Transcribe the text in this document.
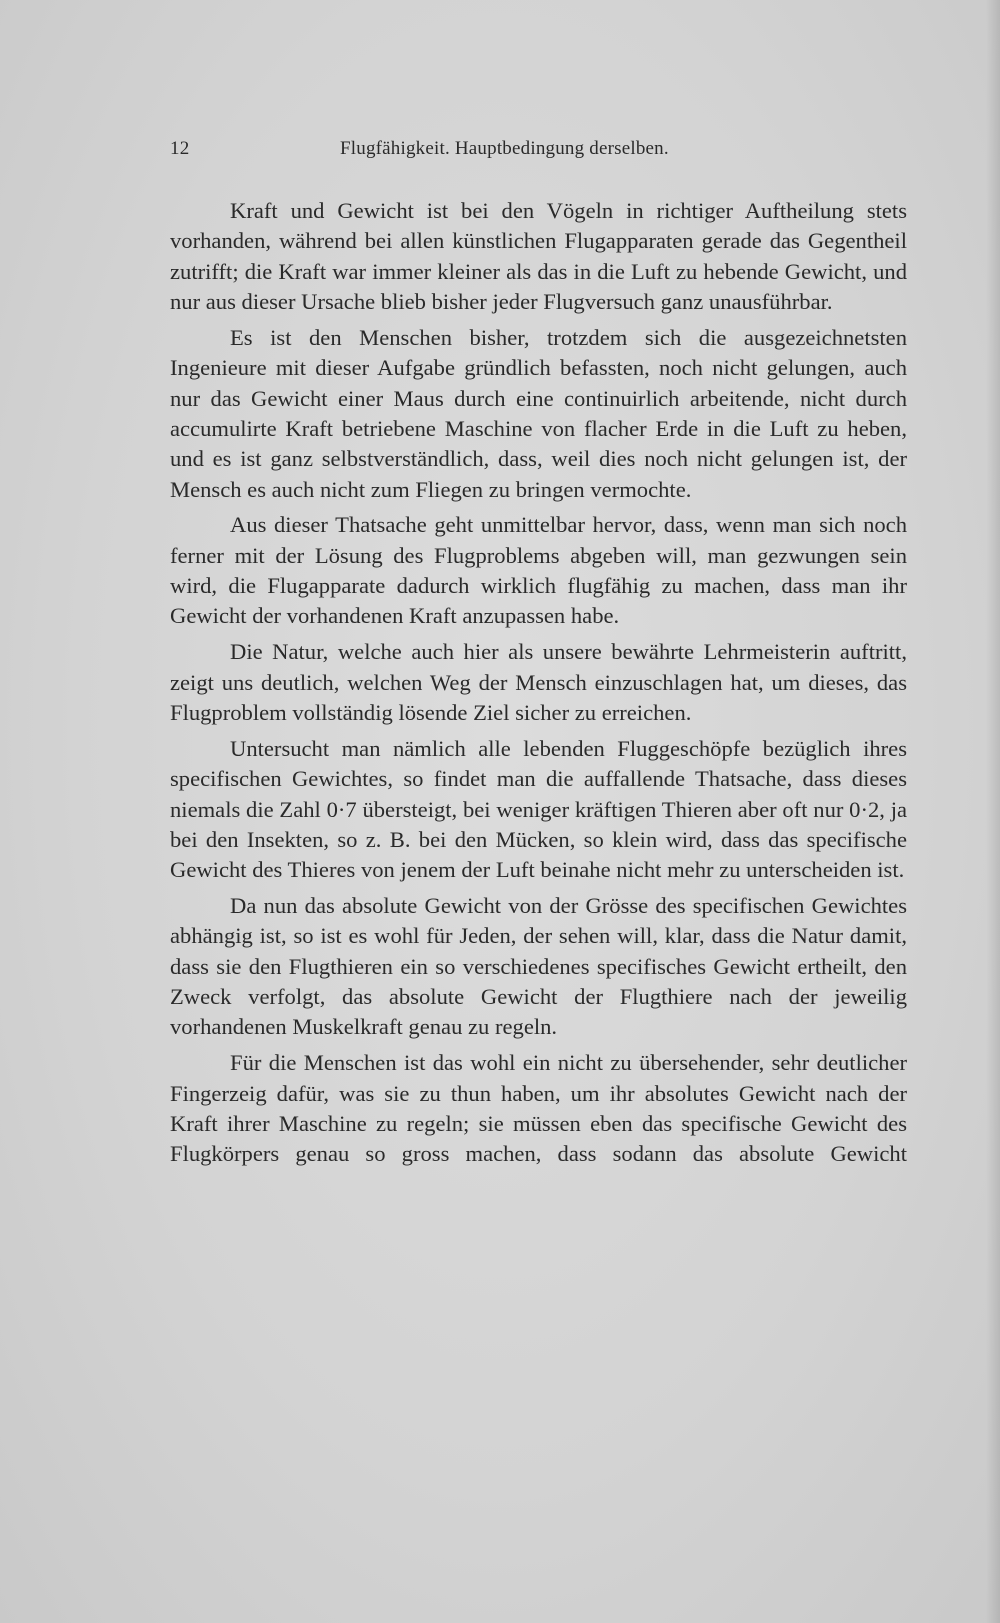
12	Flugfähigkeit. Hauptbedingung derselben.

Kraft und Gewicht ist bei den Vögeln in richtiger Auftheilung stets vorhanden, während bei allen künstlichen Flugapparaten gerade das Gegentheil zutrifft; die Kraft war immer kleiner als das in die Luft zu hebende Gewicht, und nur aus dieser Ursache blieb bisher jeder Flugversuch ganz unausführbar.

Es ist den Menschen bisher, trotzdem sich die ausgezeichnetsten Ingenieure mit dieser Aufgabe gründlich befassten, noch nicht gelungen, auch nur das Gewicht einer Maus durch eine continuirlich arbeitende, nicht durch accumulirte Kraft betriebene Maschine von flacher Erde in die Luft zu heben, und es ist ganz selbstverständlich, dass, weil dies noch nicht gelungen ist, der Mensch es auch nicht zum Fliegen zu bringen vermochte.

Aus dieser Thatsache geht unmittelbar hervor, dass, wenn man sich noch ferner mit der Lösung des Flugproblems abgeben will, man gezwungen sein wird, die Flugapparate dadurch wirklich flugfähig zu machen, dass man ihr Gewicht der vorhandenen Kraft anzupassen habe.

Die Natur, welche auch hier als unsere bewährte Lehrmeisterin auftritt, zeigt uns deutlich, welchen Weg der Mensch einzuschlagen hat, um dieses, das Flugproblem vollständig lösende Ziel sicher zu erreichen.

Untersucht man nämlich alle lebenden Fluggeschöpfe bezüglich ihres specifischen Gewichtes, so findet man die auffallende Thatsache, dass dieses niemals die Zahl 0·7 übersteigt, bei weniger kräftigen Thieren aber oft nur 0·2, ja bei den Insekten, so z. B. bei den Mücken, so klein wird, dass das specifische Gewicht des Thieres von jenem der Luft beinahe nicht mehr zu unterscheiden ist.

Da nun das absolute Gewicht von der Grösse des specifischen Gewichtes abhängig ist, so ist es wohl für Jeden, der sehen will, klar, dass die Natur damit, dass sie den Flugthieren ein so verschiedenes specifisches Gewicht ertheilt, den Zweck verfolgt, das absolute Gewicht der Flugthiere nach der jeweilig vorhandenen Muskelkraft genau zu regeln.

Für die Menschen ist das wohl ein nicht zu übersehender, sehr deutlicher Fingerzeig dafür, was sie zu thun haben, um ihr absolutes Gewicht nach der Kraft ihrer Maschine zu regeln; sie müssen eben das specifische Gewicht des Flugkörpers genau so gross machen, dass sodann das absolute Gewicht
